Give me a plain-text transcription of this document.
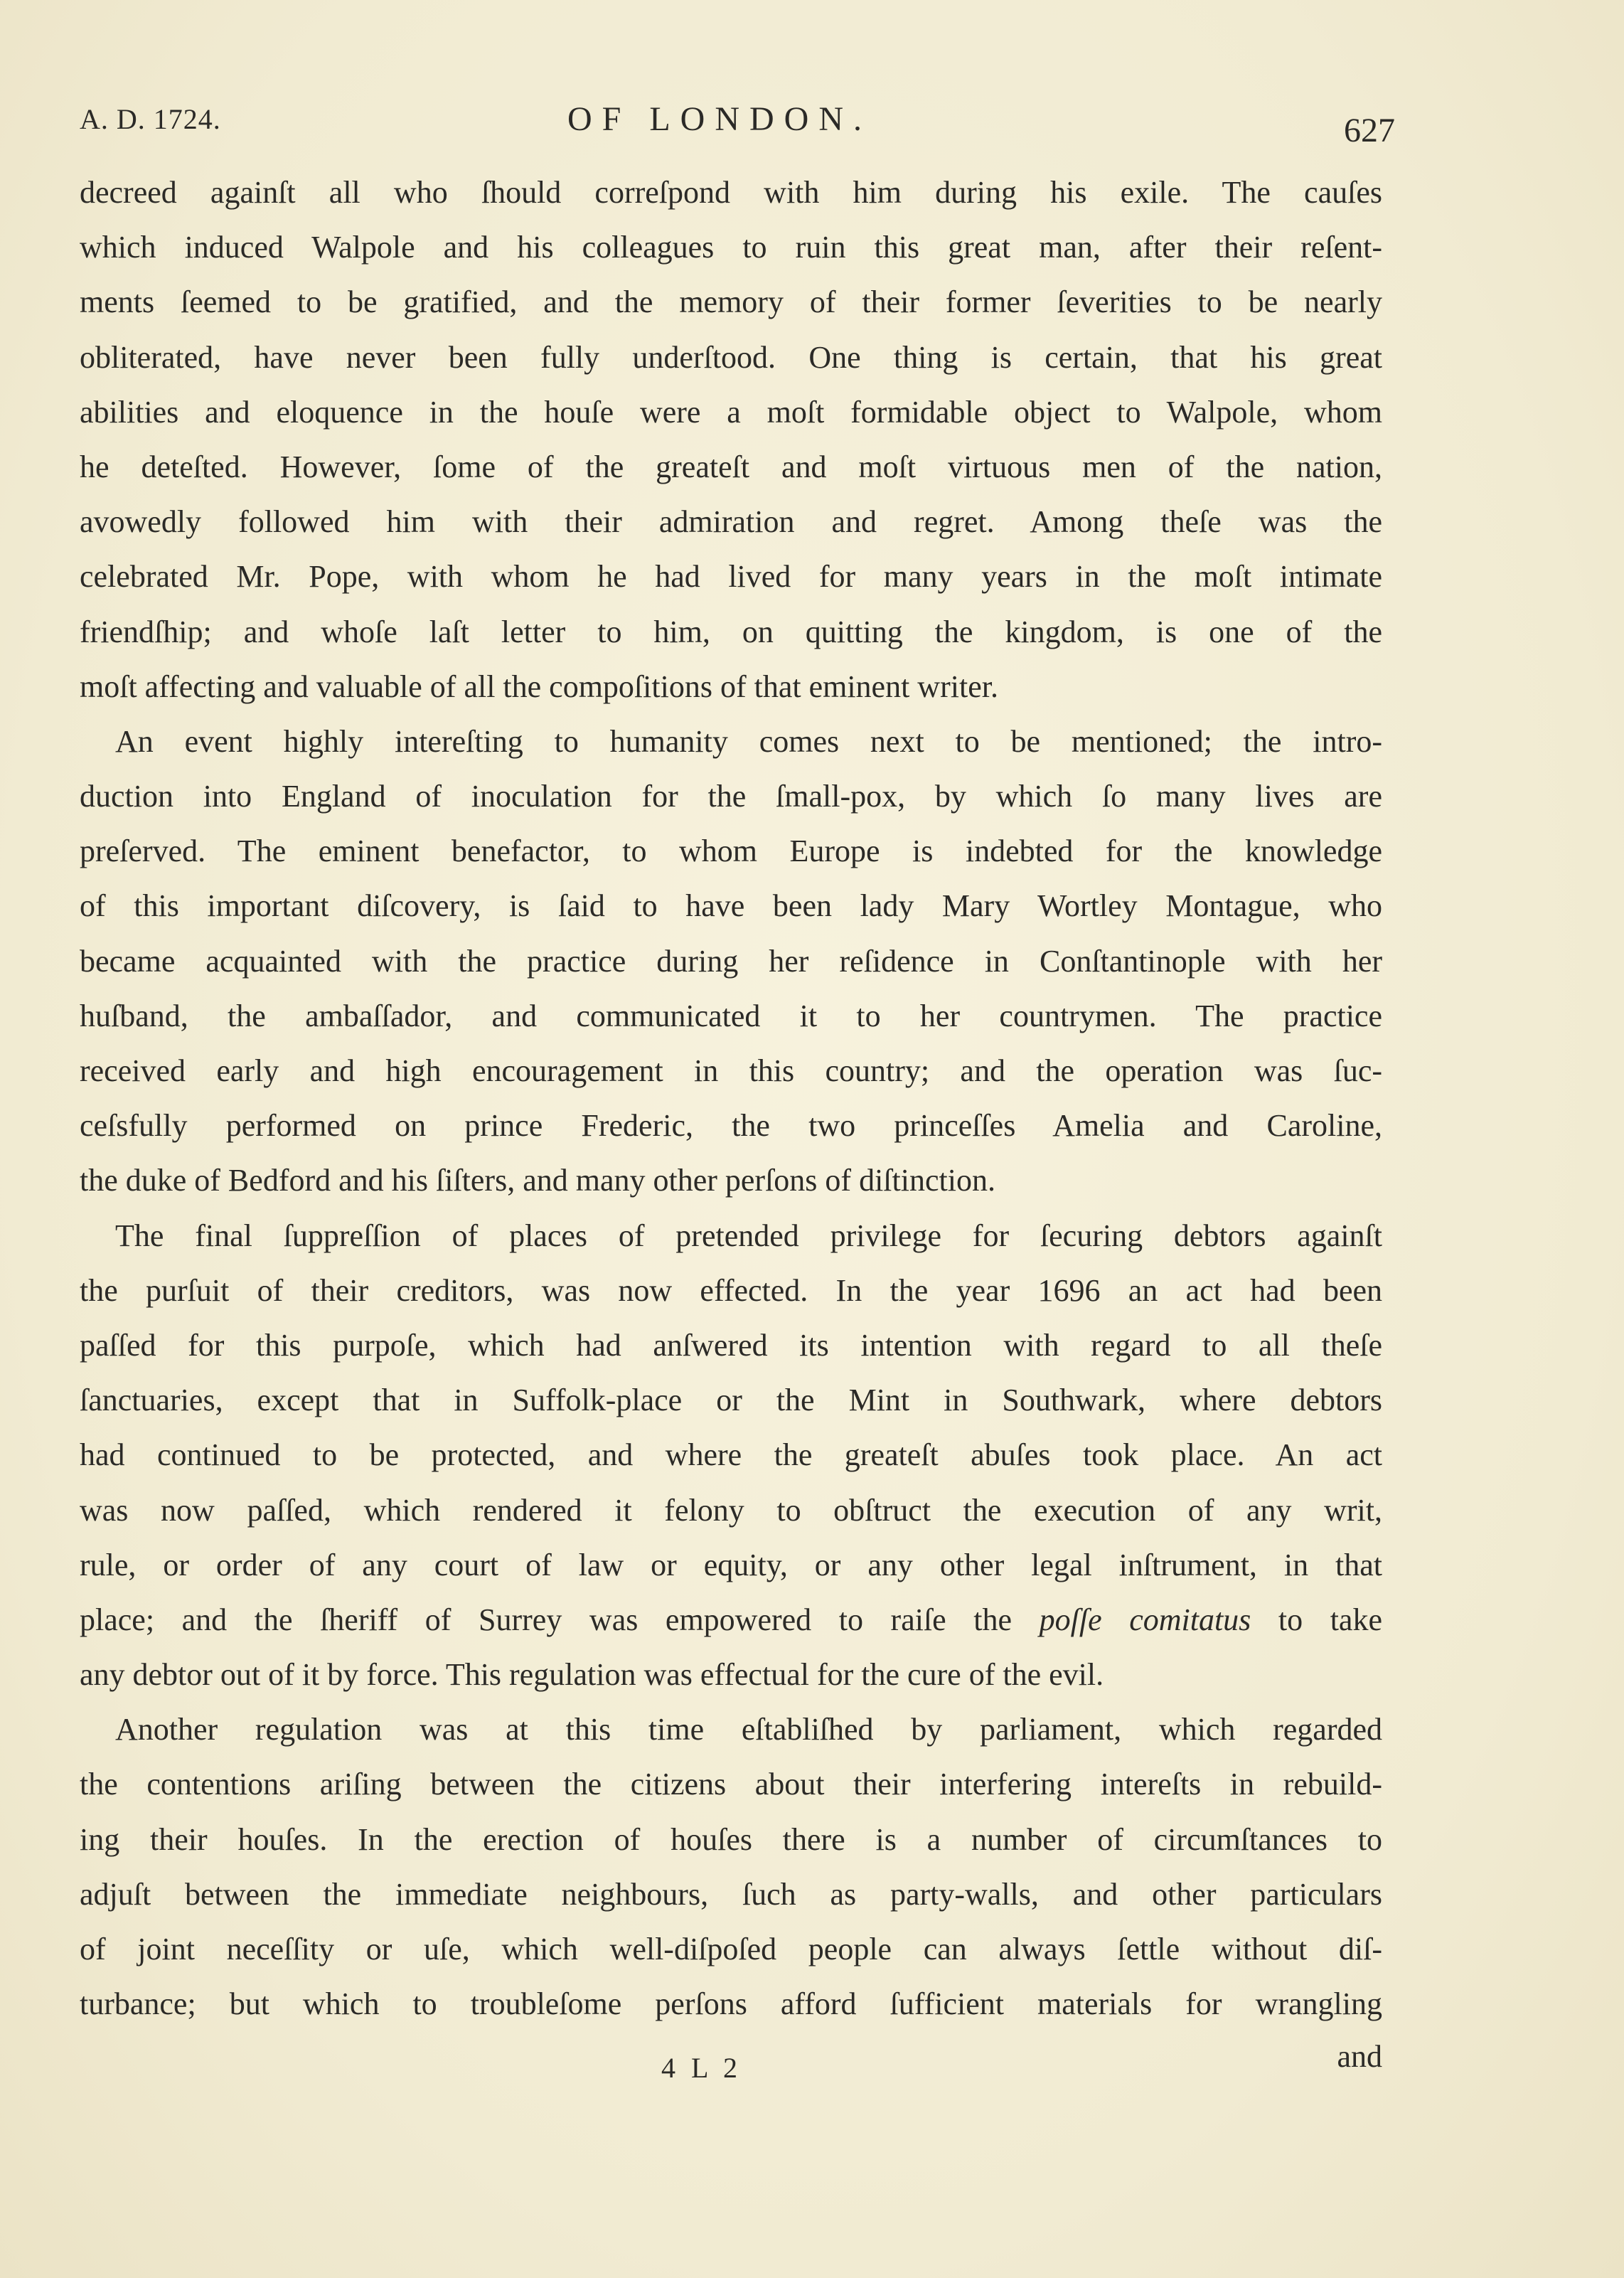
A. D. 1724.	OF LONDON.	627
decreed againſt all who ſhould correſpond with him during his exile. The cauſes
which induced Walpole and his colleagues to ruin this great man, after their reſent-
ments ſeemed to be gratified, and the memory of their former ſeverities to be nearly
obliterated, have never been fully underſtood. One thing is certain, that his great
abilities and eloquence in the houſe were a moſt formidable object to Walpole, whom
he deteſted. However, ſome of the greateſt and moſt virtuous men of the nation,
avowedly followed him with their admiration and regret. Among theſe was the
celebrated Mr. Pope, with whom he had lived for many years in the moſt intimate
friendſhip; and whoſe laſt letter to him, on quitting the kingdom, is one of the
moſt affecting and valuable of all the compoſitions of that eminent writer.
An event highly intereſting to humanity comes next to be mentioned; the intro-
duction into England of inoculation for the ſmall-pox, by which ſo many lives are
preſerved. The eminent benefactor, to whom Europe is indebted for the knowledge
of this important diſcovery, is ſaid to have been lady Mary Wortley Montague, who
became acquainted with the practice during her reſidence in Conſtantinople with her
huſband, the ambaſſador, and communicated it to her countrymen. The practice
received early and high encouragement in this country; and the operation was ſuc-
ceſsfully performed on prince Frederic, the two princeſſes Amelia and Caroline,
the duke of Bedford and his ſiſters, and many other perſons of diſtinction.
The final ſuppreſſion of places of pretended privilege for ſecuring debtors againſt
the purſuit of their creditors, was now effected. In the year 1696 an act had been
paſſed for this purpoſe, which had anſwered its intention with regard to all theſe
ſanctuaries, except that in Suffolk-place or the Mint in Southwark, where debtors
had continued to be protected, and where the greateſt abuſes took place. An act
was now paſſed, which rendered it felony to obſtruct the execution of any writ,
rule, or order of any court of law or equity, or any other legal inſtrument, in that
place; and the ſheriff of Surrey was empowered to raiſe the poſſe comitatus to take
any debtor out of it by force. This regulation was effectual for the cure of the evil.
Another regulation was at this time eſtabliſhed by parliament, which regarded
the contentions ariſing between the citizens about their interfering intereſts in rebuild-
ing their houſes. In the erection of houſes there is a number of circumſtances to
adjuſt between the immediate neighbours, ſuch as party-walls, and other particulars
of joint neceſſity or uſe, which well-diſpoſed people can always ſettle without diſ-
turbance; but which to troubleſome perſons afford ſufficient materials for wrangling
4 L 2	and
